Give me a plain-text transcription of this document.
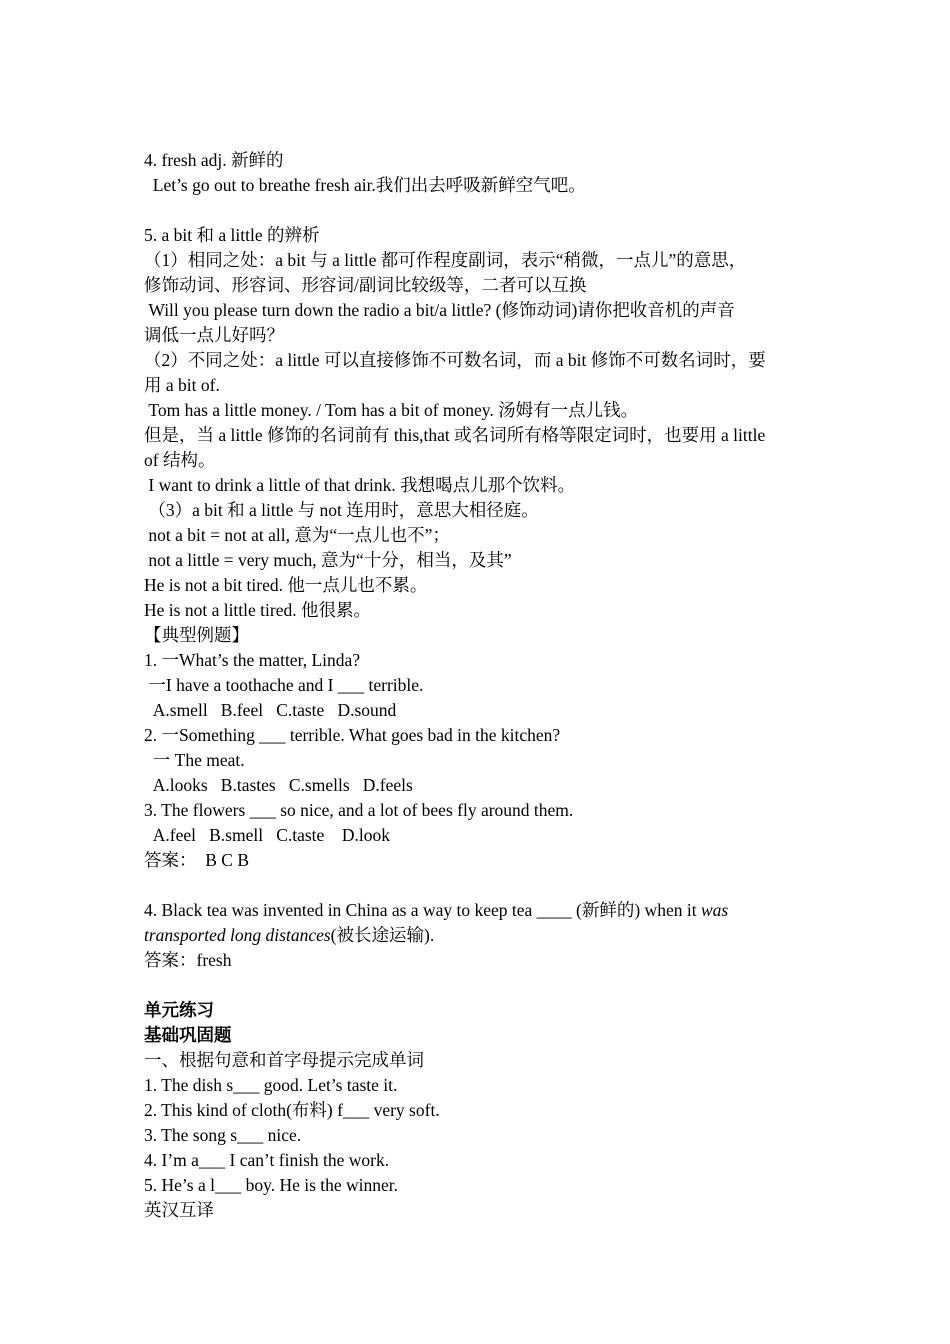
4. fresh adj. 新鲜的
Let’s go out to breathe fresh air.我们出去呼吸新鲜空气吧。
5. a bit 和 a little 的辨析
（1）相同之处：a bit 与 a little 都可作程度副词，表示“稍微，一点儿”的意思，
修饰动词、形容词、形容词/副词比较级等，二者可以互换
Will you please turn down the radio a bit/a little? (修饰动词)请你把收音机的声音
调低一点儿好吗？
（2）不同之处：a little 可以直接修饰不可数名词，而 a bit 修饰不可数名词时，要
用 a bit of.
Tom has a little money. / Tom has a bit of money. 汤姆有一点儿钱。
但是，当 a little 修饰的名词前有 this,that 或名词所有格等限定词时，也要用 a little
of 结构。
I want to drink a little of that drink. 我想喝点儿那个饮料。
（3）a bit 和 a little 与 not 连用时，意思大相径庭。
not a bit = not at all, 意为“一点儿也不”；
not a little = very much, 意为“十分，相当，及其”
He is not a bit tired. 他一点儿也不累。
He is not a little tired. 他很累。
【典型例题】
1. 一What’s the matter, Linda?
一I have a toothache and I ___ terrible.
A.smell   B.feel   C.taste   D.sound
2. 一Something ___ terrible. What goes bad in the kitchen?
一 The meat.
A.looks   B.tastes   C.smells   D.feels
3. The flowers ___ so nice, and a lot of bees fly around them.
A.feel   B.smell   C.taste    D.look
答案：  B C B
4. Black tea was invented in China as a way to keep tea ____ (新鲜的) when it was
transported long distances(被长途运输).
答案：fresh
单元练习
基础巩固题
一、根据句意和首字母提示完成单词
1. The dish s___ good. Let’s taste it.
2. This kind of cloth(布料) f___ very soft.
3. The song s___ nice.
4. I’m a___ I can’t finish the work.
5. He’s a l___ boy. He is the winner.
英汉互译
